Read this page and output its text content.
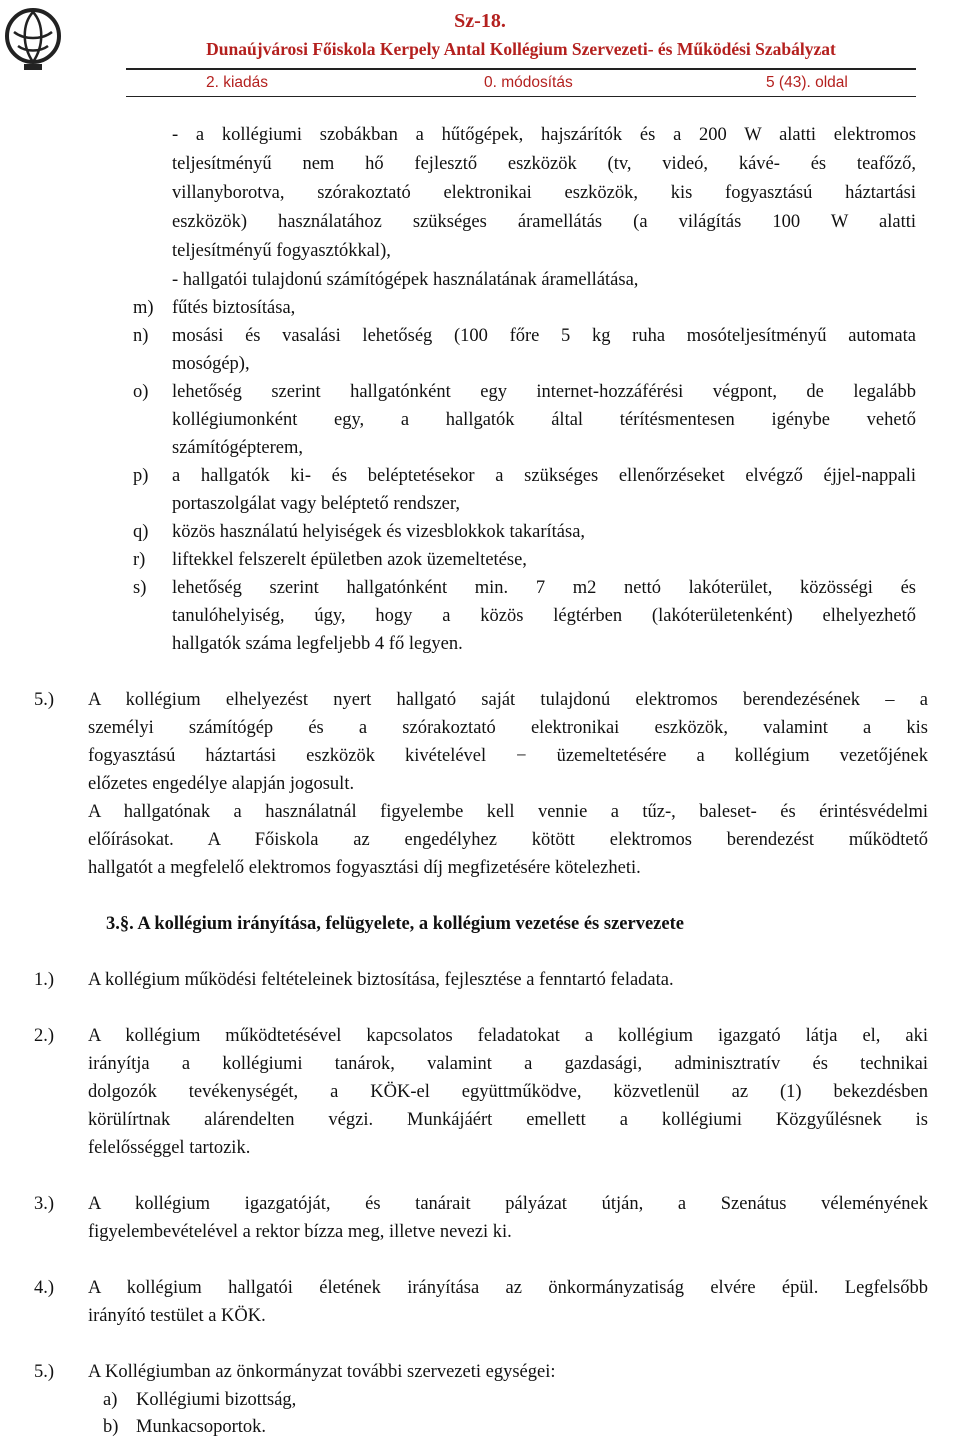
Sz-18.
Dunaújvárosi Főiskola Kerpely Antal Kollégium Szervezeti- és Működési Szabályzat
2. kiadás	0. módosítás	5 (43). oldal
- a kollégiumi szobákban a hűtőgépek, hajszárítók és a 200 W alatti elektromos
teljesítményű nem hő fejlesztő eszközök (tv, videó, kávé- és teafőző,
villanyborotva, szórakoztató elektronikai eszközök, kis fogyasztású háztartási
eszközök) használatához szükséges áramellátás (a világítás 100 W alatti
teljesítményű fogyasztókkal),
- hallgatói tulajdonú számítógépek használatának áramellátása,
m) fűtés biztosítása,
n) mosási és vasalási lehetőség (100 főre 5 kg ruha mosóteljesítményű automata
mosógép),
o) lehetőség szerint hallgatónként egy internet-hozzáférési végpont, de legalább
kollégiumonként egy, a hallgatók által térítésmentesen igénybe vehető
számítógépterem,
p) a hallgatók ki- és beléptetésekor a szükséges ellenőrzéseket elvégző éjjel-nappali
portaszolgálat vagy beléptető rendszer,
q) közös használatú helyiségek és vizesblokkok takarítása,
r) liftekkel felszerelt épületben azok üzemeltetése,
s) lehetőség szerint hallgatónként min. 7 m2 nettó lakóterület, közösségi és
tanulóhelyiség, úgy, hogy a közös légtérben (lakóterületenként) elhelyezhető
hallgatók száma legfeljebb 4 fő legyen.
5.) A kollégium elhelyezést nyert hallgató saját tulajdonú elektromos berendezésének – a
személyi számítógép és a szórakoztató elektronikai eszközök, valamint a kis
fogyasztású háztartási eszközök kivételével − üzemeltetésére a kollégium vezetőjének
előzetes engedélye alapján jogosult.
A hallgatónak a használatnál figyelembe kell vennie a tűz-, baleset- és érintésvédelmi
előírásokat. A Főiskola az engedélyhez kötött elektromos berendezést működtető
hallgatót a megfelelő elektromos fogyasztási díj megfizetésére kötelezheti.
3.§. A kollégium irányítása, felügyelete, a kollégium vezetése és szervezete
1.) A kollégium működési feltételeinek biztosítása, fejlesztése a fenntartó feladata.
2.) A kollégium működtetésével kapcsolatos feladatokat a kollégium igazgató látja el, aki
irányítja a kollégiumi tanárok, valamint a gazdasági, adminisztratív és technikai
dolgozók tevékenységét, a KÖK-el együttműködve, közvetlenül az (1) bekezdésben
körülírtnak alárendelten végzi. Munkájáért emellett a kollégiumi Közgyűlésnek is
felelősséggel tartozik.
3.) A kollégium igazgatóját, és tanárait pályázat útján, a Szenátus véleményének
figyelembevételével a rektor bízza meg, illetve nevezi ki.
4.) A kollégium hallgatói életének irányítása az önkormányzatiság elvére épül. Legfelsőbb
irányító testület a KÖK.
5.) A Kollégiumban az önkormányzat további szervezeti egységei:
a) Kollégiumi bizottság,
b) Munkacsoportok.
